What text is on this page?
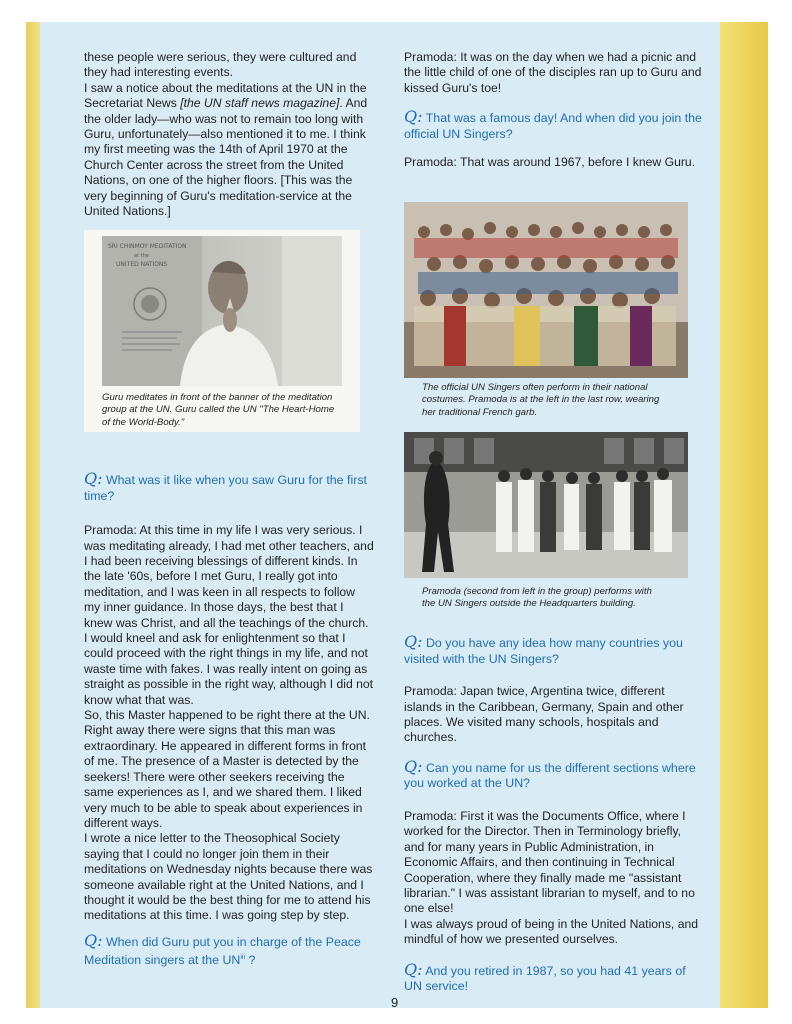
these people were serious, they were cultured and they had interesting events.

I saw a notice about the meditations at the UN in the Secretariat News [the UN staff news magazine]. And the older lady—who was not to remain too long with Guru, unfortunately—also mentioned it to me. I think my first meeting was the 14th of April 1970 at the Church Center across the street from the United Nations, on one of the higher floors. [This was the very beginning of Guru's meditation-service at the United Nations.]

SRI CHINMOY MEDITATION
at the
UNITED NATIONS
Guru meditates in front of the banner of the meditation group at the UN. Guru called the UN "The Heart-Home of the World-Body."

Q: What was it like when you saw Guru for the first time?

Pramoda: At this time in my life I was very serious. I was meditating already, I had met other teachers, and I had been receiving blessings of different kinds. In the late '60s, before I met Guru, I really got into meditation, and I was keen in all respects to follow my inner guidance. In those days, the best that I knew was Christ, and all the teachings of the church. I would kneel and ask for enlightenment so that I could proceed with the right things in my life, and not waste time with fakes. I was really intent on going as straight as possible in the right way, although I did not know what that was.

So, this Master happened to be right there at the UN. Right away there were signs that this man was extraordinary. He appeared in different forms in front of me. The presence of a Master is detected by the seekers! There were other seekers receiving the same experiences as I, and we shared them. I liked very much to be able to speak about experiences in different ways.

I wrote a nice letter to the Theosophical Society saying that I could no longer join them in their meditations on Wednesday nights because there was someone available right at the United Nations, and I thought it would be the best thing for me to attend his meditations at this time. I was going step by step.

Q: When did Guru put you in charge of the Peace Meditation singers at the UN$^{iii}$ ?

Pramoda: It was on the day when we had a picnic and the little child of one of the disciples ran up to Guru and kissed Guru's toe!

Q: That was a famous day! And when did you join the official UN Singers?

Pramoda: That was around 1967, before I knew Guru.

The official UN Singers often perform in their national costumes. Pramoda is at the left in the last row, wearing her traditional French garb.
Pramoda (second from left in the group) performs with the UN Singers outside the Headquarters building.

Q: Do you have any idea how many countries you visited with the UN Singers?

Pramoda: Japan twice, Argentina twice, different islands in the Caribbean, Germany, Spain and other places. We visited many schools, hospitals and churches.

Q: Can you name for us the different sections where you worked at the UN?

Pramoda: First it was the Documents Office, where I worked for the Director. Then in Terminology briefly, and for many years in Public Administration, in Economic Affairs, and then continuing in Technical Cooperation, where they finally made me "assistant librarian." I was assistant librarian to myself, and to no one else!

I was always proud of being in the United Nations, and mindful of how we presented ourselves.

Q: And you retired in 1987, so you had 41 years of UN service!

9
